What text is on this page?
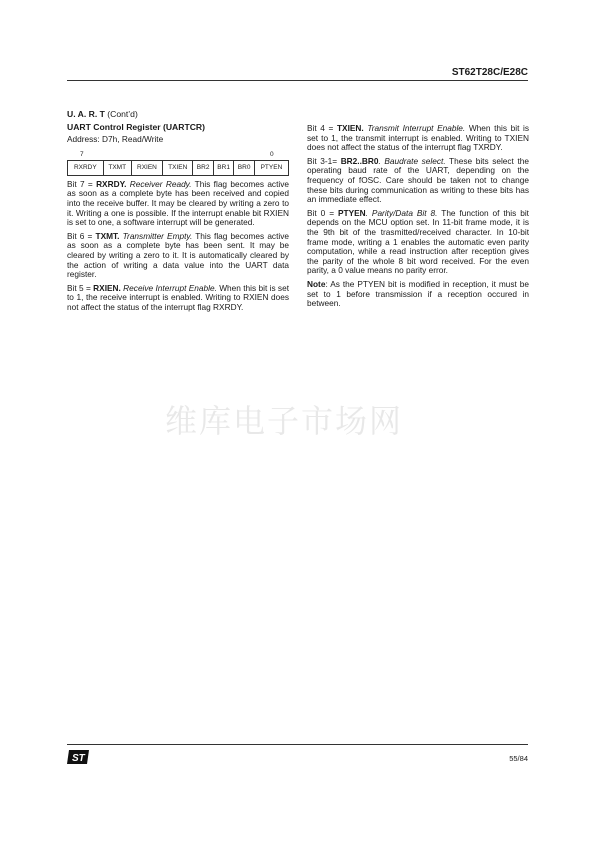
ST62T28C/E28C
U. A. R. T (Cont’d)
UART Control Register (UARTCR)
Address: D7h, Read/Write
7	0
RXRDY	TXMT	RXIEN	TXIEN	BR2	BR1	BR0	PTYEN

Bit 7 = RXRDY. Receiver Ready. This flag becomes active as soon as a complete byte has been received and copied into the receive buffer. It may be cleared by writing a zero to it. Writing a one is possible. If the interrupt enable bit RXIEN is set to one, a software interrupt will be generated.

Bit 6 = TXMT. Transmitter Empty. This flag becomes active as soon as a complete byte has been sent. It may be cleared by writing a zero to it. It is automatically cleared by the action of writing a data value into the UART data register.

Bit 5 = RXIEN. Receive Interrupt Enable. When this bit is set to 1, the receive interrupt is enabled. Writing to RXIEN does not affect the status of the interrupt flag RXRDY.

Bit 4 = TXIEN. Transmit Interrupt Enable. When this bit is set to 1, the transmit interrupt is enabled. Writing to TXIEN does not affect the status of the interrupt flag TXRDY.

Bit 3-1= BR2..BR0. Baudrate select. These bits select the operating baud rate of the UART, depending on the frequency of fOSC. Care should be taken not to change these bits during communication as writing to these bits has an immediate effect.

Bit 0 = PTYEN. Parity/Data Bit 8. The function of this bit depends on the MCU option set. In 11-bit frame mode, it is the 9th bit of the trasmitted/received character. In 10-bit frame mode, writing a 1 enables the automatic even parity computation, while a read instruction after reception gives the parity of the whole 8 bit word received. For the even parity, a 0 value means no parity error.

Note: As the PTYEN bit is modified in reception, it must be set to 1 before transmission if a reception occured in between.

维库电子市场网
ST	55/84
